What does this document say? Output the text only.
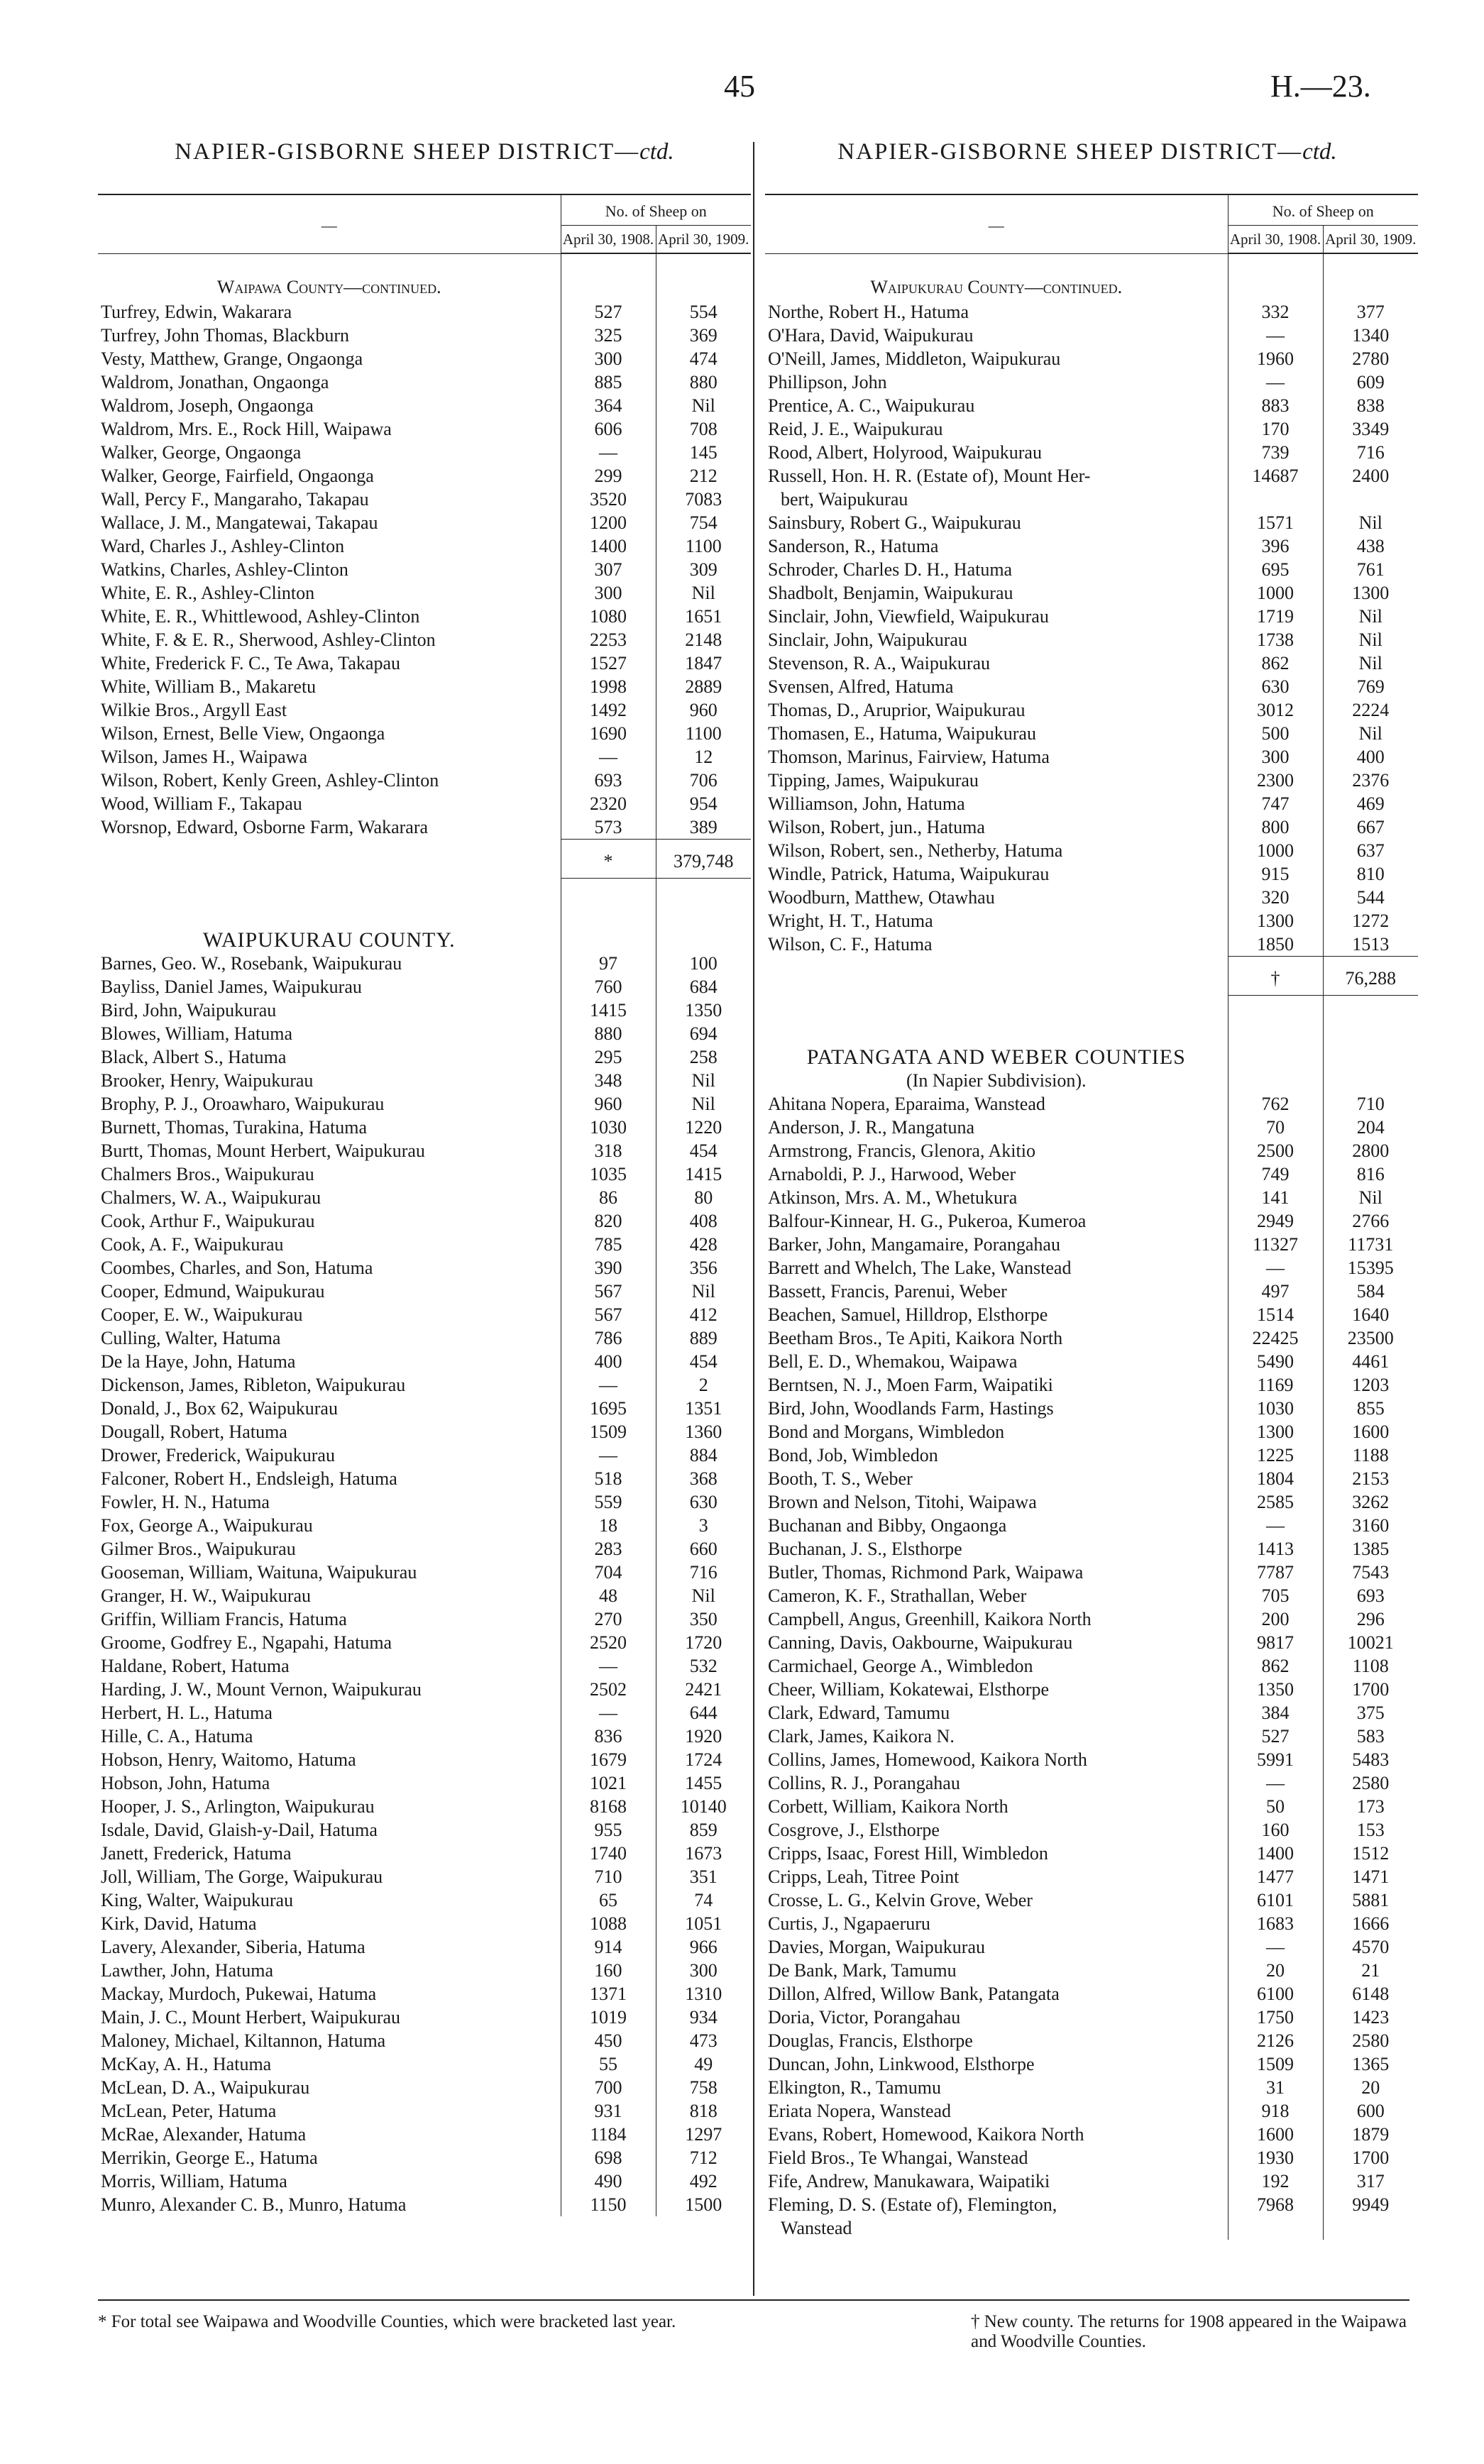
45	H.—23.
NAPIER-GISBORNE SHEEP DISTRICT—ctd.

—	No. of Sheep on	
	April 30, 1908.	April 30, 1909.
Waipawa County—continued.		
Turfrey, Edwin, Wakarara	527	554
Turfrey, John Thomas, Blackburn	325	369
Vesty, Matthew, Grange, Ongaonga	300	474
Waldrom, Jonathan, Ongaonga	885	880
Waldrom, Joseph, Ongaonga	364	Nil
Waldrom, Mrs. E., Rock Hill, Waipawa	606	708
Walker, George, Ongaonga	—	145
Walker, George, Fairfield, Ongaonga	299	212
Wall, Percy F., Mangaraho, Takapau	3520	7083
Wallace, J. M., Mangatewai, Takapau	1200	754
Ward, Charles J., Ashley-Clinton	1400	1100
Watkins, Charles, Ashley-Clinton	307	309
White, E. R., Ashley-Clinton	300	Nil
White, E. R., Whittlewood, Ashley-Clinton	1080	1651
White, F. & E. R., Sherwood, Ashley-Clinton	2253	2148
White, Frederick F. C., Te Awa, Takapau	1527	1847
White, William B., Makaretu	1998	2889
Wilkie Bros., Argyll East	1492	960
Wilson, Ernest, Belle View, Ongaonga	1690	1100
Wilson, James H., Waipawa	—	12
Wilson, Robert, Kenly Green, Ashley-Clinton	693	706
Wood, William F., Takapau	2320	954
Worsnop, Edward, Osborne Farm, Wakarara	573	389
	*	379,748
WAIPUKURAU COUNTY.		
Barnes, Geo. W., Rosebank, Waipukurau	97	100
Bayliss, Daniel James, Waipukurau	760	684
Bird, John, Waipukurau	1415	1350
Blowes, William, Hatuma	880	694
Black, Albert S., Hatuma	295	258
Brooker, Henry, Waipukurau	348	Nil
Brophy, P. J., Oroawharo, Waipukurau	960	Nil
Burnett, Thomas, Turakina, Hatuma	1030	1220
Burtt, Thomas, Mount Herbert, Waipukurau	318	454
Chalmers Bros., Waipukurau	1035	1415
Chalmers, W. A., Waipukurau	86	80
Cook, Arthur F., Waipukurau	820	408
Cook, A. F., Waipukurau	785	428
Coombes, Charles, and Son, Hatuma	390	356
Cooper, Edmund, Waipukurau	567	Nil
Cooper, E. W., Waipukurau	567	412
Culling, Walter, Hatuma	786	889
De la Haye, John, Hatuma	400	454
Dickenson, James, Ribleton, Waipukurau	—	2
Donald, J., Box 62, Waipukurau	1695	1351
Dougall, Robert, Hatuma	1509	1360
Drower, Frederick, Waipukurau	—	884
Falconer, Robert H., Endsleigh, Hatuma	518	368
Fowler, H. N., Hatuma	559	630
Fox, George A., Waipukurau	18	3
Gilmer Bros., Waipukurau	283	660
Gooseman, William, Waituna, Waipukurau	704	716
Granger, H. W., Waipukurau	48	Nil
Griffin, William Francis, Hatuma	270	350
Groome, Godfrey E., Ngapahi, Hatuma	2520	1720
Haldane, Robert, Hatuma	—	532
Harding, J. W., Mount Vernon, Waipukurau	2502	2421
Herbert, H. L., Hatuma	—	644
Hille, C. A., Hatuma	836	1920
Hobson, Henry, Waitomo, Hatuma	1679	1724
Hobson, John, Hatuma	1021	1455
Hooper, J. S., Arlington, Waipukurau	8168	10140
Isdale, David, Glaish-y-Dail, Hatuma	955	859
Janett, Frederick, Hatuma	1740	1673
Joll, William, The Gorge, Waipukurau	710	351
King, Walter, Waipukurau	65	74
Kirk, David, Hatuma	1088	1051
Lavery, Alexander, Siberia, Hatuma	914	966
Lawther, John, Hatuma	160	300
Mackay, Murdoch, Pukewai, Hatuma	1371	1310
Main, J. C., Mount Herbert, Waipukurau	1019	934
Maloney, Michael, Kiltannon, Hatuma	450	473
McKay, A. H., Hatuma	55	49
McLean, D. A., Waipukurau	700	758
McLean, Peter, Hatuma	931	818
McRae, Alexander, Hatuma	1184	1297
Merrikin, George E., Hatuma	698	712
Morris, William, Hatuma	490	492
Munro, Alexander C. B., Munro, Hatuma	1150	1500
NAPIER-GISBORNE SHEEP DISTRICT—ctd.

—	No. of Sheep on	
	April 30, 1908.	April 30, 1909.
Waipukurau County—continued.		
Northe, Robert H., Hatuma	332	377
O'Hara, David, Waipukurau	—	1340
O'Neill, James, Middleton, Waipukurau	1960	2780
Phillipson, John	—	609
Prentice, A. C., Waipukurau	883	838
Reid, J. E., Waipukurau	170	3349
Rood, Albert, Holyrood, Waipukurau	739	716
Russell, Hon. H. R. (Estate of), Mount Her-	14687	2400
bert, Waipukurau		
Sainsbury, Robert G., Waipukurau	1571	Nil
Sanderson, R., Hatuma	396	438
Schroder, Charles D. H., Hatuma	695	761
Shadbolt, Benjamin, Waipukurau	1000	1300
Sinclair, John, Viewfield, Waipukurau	1719	Nil
Sinclair, John, Waipukurau	1738	Nil
Stevenson, R. A., Waipukurau	862	Nil
Svensen, Alfred, Hatuma	630	769
Thomas, D., Aruprior, Waipukurau	3012	2224
Thomasen, E., Hatuma, Waipukurau	500	Nil
Thomson, Marinus, Fairview, Hatuma	300	400
Tipping, James, Waipukurau	2300	2376
Williamson, John, Hatuma	747	469
Wilson, Robert, jun., Hatuma	800	667
Wilson, Robert, sen., Netherby, Hatuma	1000	637
Windle, Patrick, Hatuma, Waipukurau	915	810
Woodburn, Matthew, Otawhau	320	544
Wright, H. T., Hatuma	1300	1272
Wilson, C. F., Hatuma	1850	1513
	†	76,288
PATANGATA AND WEBER COUNTIES		
(In Napier Subdivision).		
Ahitana Nopera, Eparaima, Wanstead	762	710
Anderson, J. R., Mangatuna	70	204
Armstrong, Francis, Glenora, Akitio	2500	2800
Arnaboldi, P. J., Harwood, Weber	749	816
Atkinson, Mrs. A. M., Whetukura	141	Nil
Balfour-Kinnear, H. G., Pukeroa, Kumeroa	2949	2766
Barker, John, Mangamaire, Porangahau	11327	11731
Barrett and Whelch, The Lake, Wanstead	—	15395
Bassett, Francis, Parenui, Weber	497	584
Beachen, Samuel, Hilldrop, Elsthorpe	1514	1640
Beetham Bros., Te Apiti, Kaikora North	22425	23500
Bell, E. D., Whemakou, Waipawa	5490	4461
Berntsen, N. J., Moen Farm, Waipatiki	1169	1203
Bird, John, Woodlands Farm, Hastings	1030	855
Bond and Morgans, Wimbledon	1300	1600
Bond, Job, Wimbledon	1225	1188
Booth, T. S., Weber	1804	2153
Brown and Nelson, Titohi, Waipawa	2585	3262
Buchanan and Bibby, Ongaonga	—	3160
Buchanan, J. S., Elsthorpe	1413	1385
Butler, Thomas, Richmond Park, Waipawa	7787	7543
Cameron, K. F., Strathallan, Weber	705	693
Campbell, Angus, Greenhill, Kaikora North	200	296
Canning, Davis, Oakbourne, Waipukurau	9817	10021
Carmichael, George A., Wimbledon	862	1108
Cheer, William, Kokatewai, Elsthorpe	1350	1700
Clark, Edward, Tamumu	384	375
Clark, James, Kaikora N.	527	583
Collins, James, Homewood, Kaikora North	5991	5483
Collins, R. J., Porangahau	—	2580
Corbett, William, Kaikora North	50	173
Cosgrove, J., Elsthorpe	160	153
Cripps, Isaac, Forest Hill, Wimbledon	1400	1512
Cripps, Leah, Titree Point	1477	1471
Crosse, L. G., Kelvin Grove, Weber	6101	5881
Curtis, J., Ngapaeruru	1683	1666
Davies, Morgan, Waipukurau	—	4570
De Bank, Mark, Tamumu	20	21
Dillon, Alfred, Willow Bank, Patangata	6100	6148
Doria, Victor, Porangahau	1750	1423
Douglas, Francis, Elsthorpe	2126	2580
Duncan, John, Linkwood, Elsthorpe	1509	1365
Elkington, R., Tamumu	31	20
Eriata Nopera, Wanstead	918	600
Evans, Robert, Homewood, Kaikora North	1600	1879
Field Bros., Te Whangai, Wanstead	1930	1700
Fife, Andrew, Manukawara, Waipatiki	192	317
Fleming, D. S. (Estate of), Flemington,	7968	9949
Wanstead		
* For total see Waipawa and Woodville Counties, which were bracketed last year.	† New county. The returns for 1908 appeared in the Waipawa and Woodville Counties.
